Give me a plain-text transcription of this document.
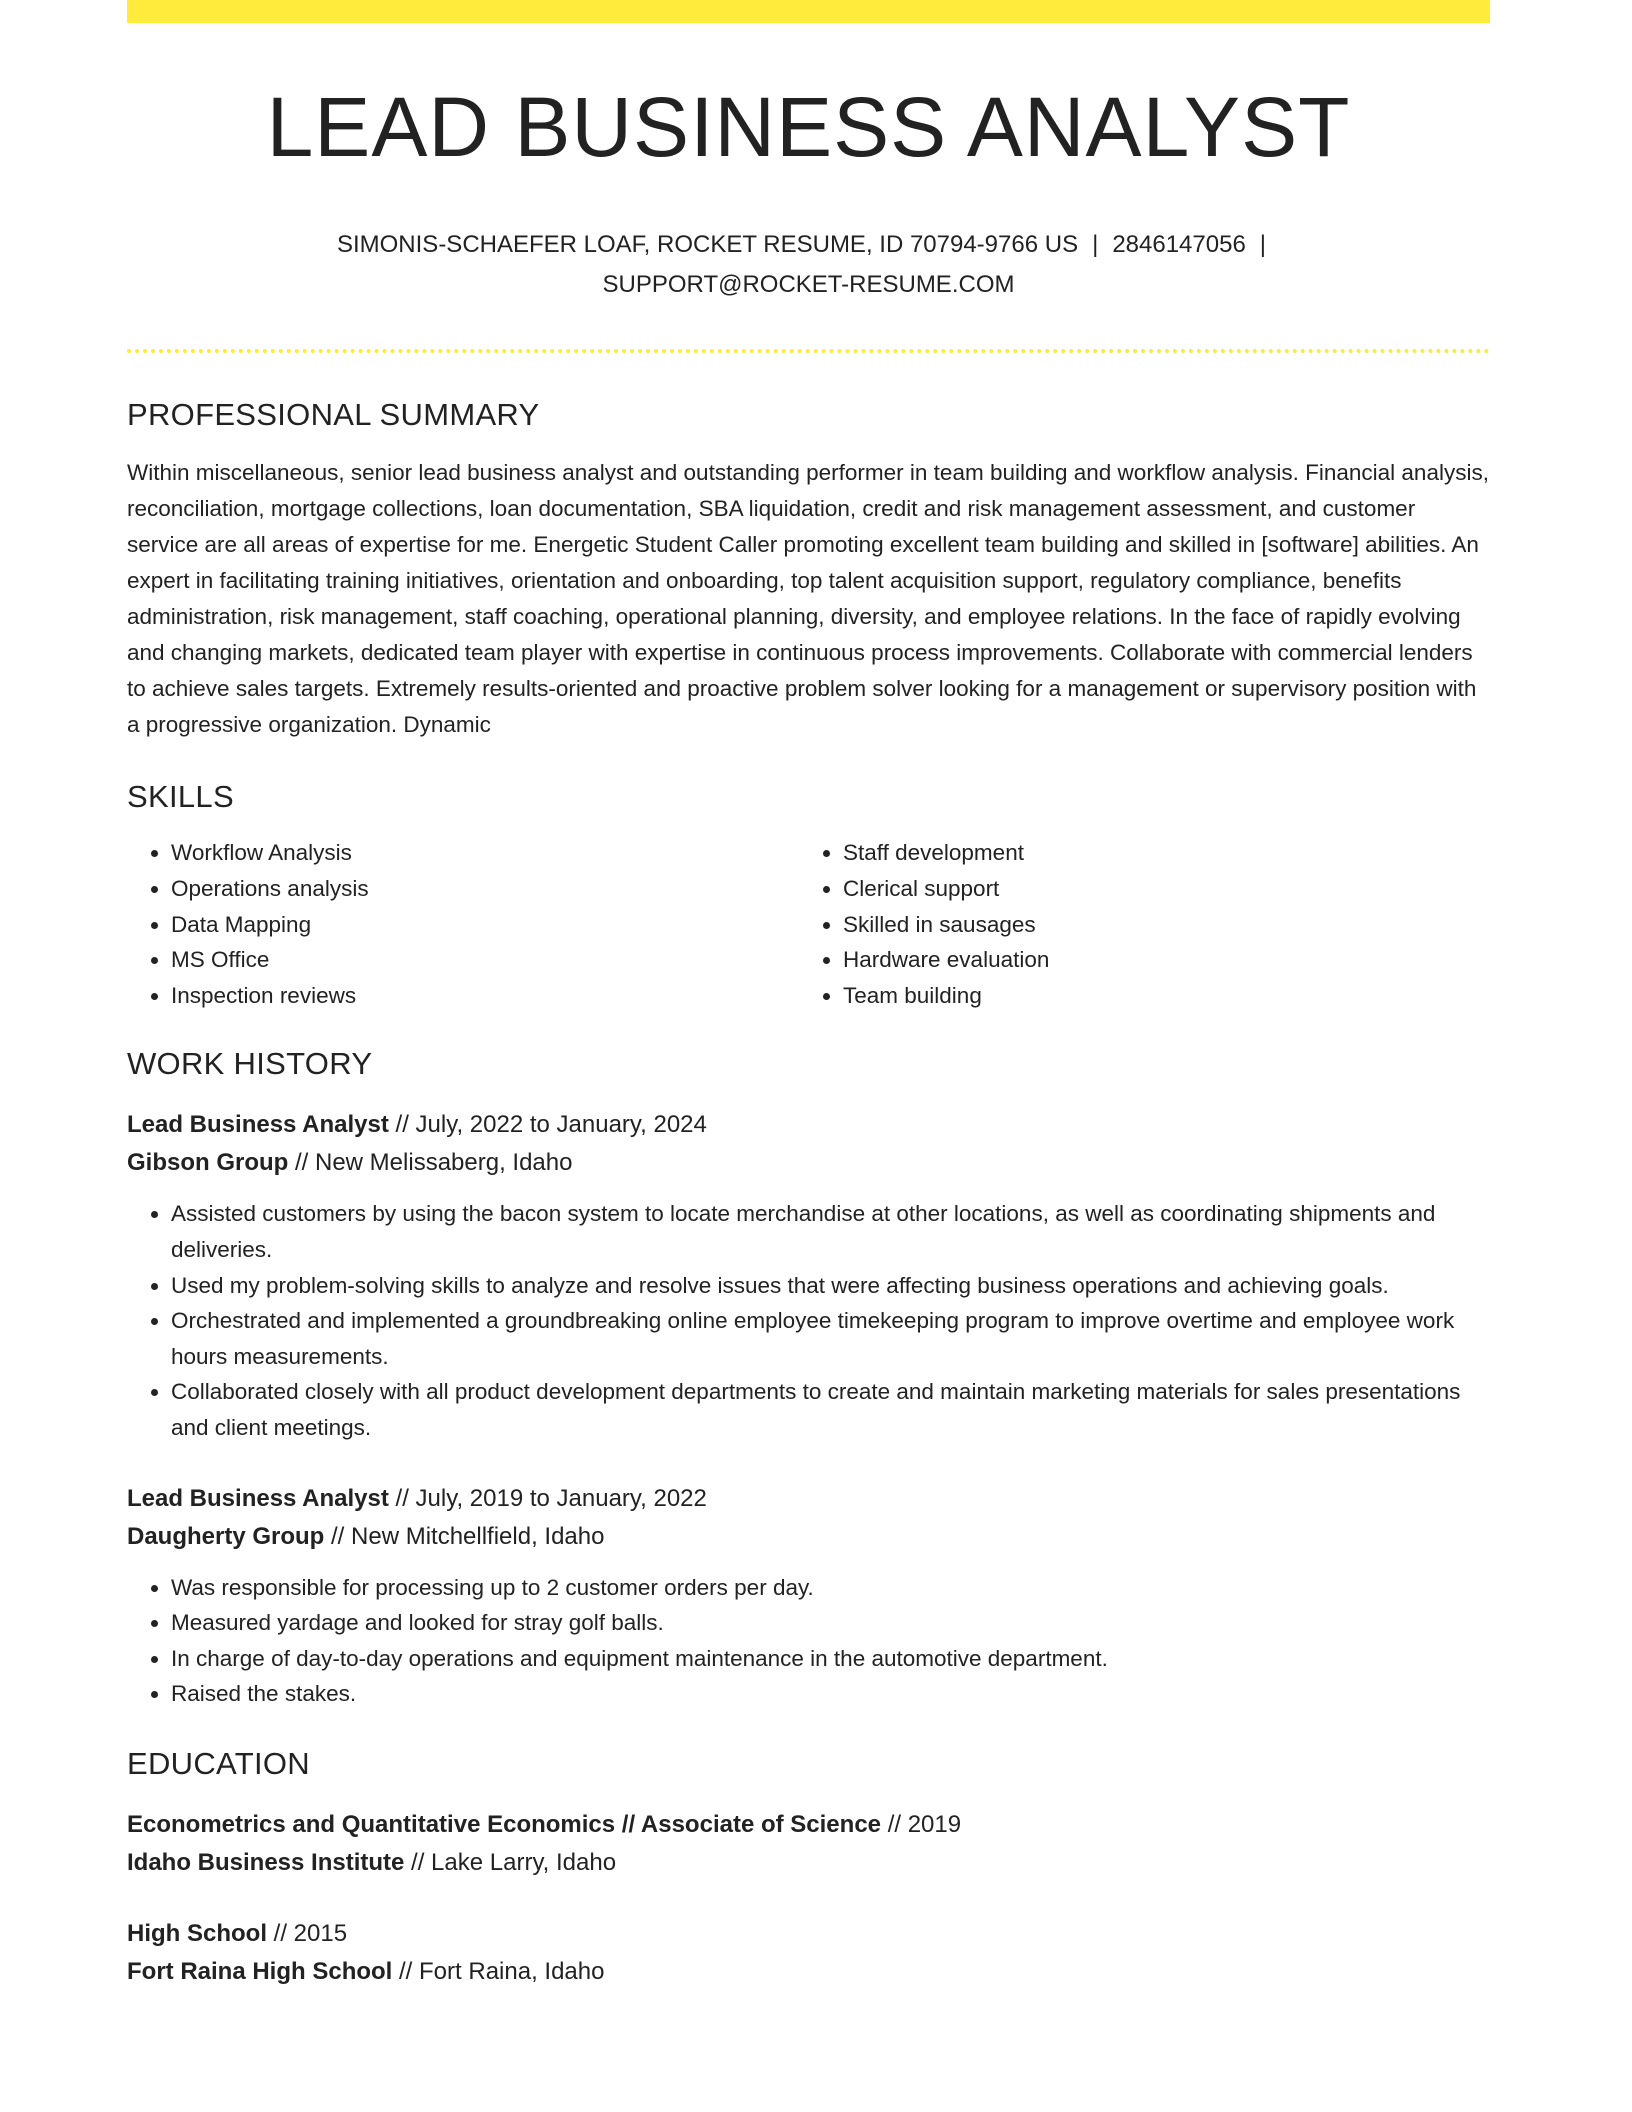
LEAD BUSINESS ANALYST
SIMONIS-SCHAEFER LOAF, ROCKET RESUME, ID 70794-9766 US | 2846147056 |
SUPPORT@ROCKET-RESUME.COM
PROFESSIONAL SUMMARY

Within miscellaneous, senior lead business analyst and outstanding performer in team building and workflow analysis. Financial analysis, reconciliation, mortgage collections, loan documentation, SBA liquidation, credit and risk management assessment, and customer service are all areas of expertise for me. Energetic Student Caller promoting excellent team building and skilled in [software] abilities. An expert in facilitating training initiatives, orientation and onboarding, top talent acquisition support, regulatory compliance, benefits administration, risk management, staff coaching, operational planning, diversity, and employee relations. In the face of rapidly evolving and changing markets, dedicated team player with expertise in continuous process improvements. Collaborate with commercial lenders to achieve sales targets. Extremely results-oriented and proactive problem solver looking for a management or supervisory position with a progressive organization. Dynamic

SKILLS
• Workflow Analysis
• Operations analysis
• Data Mapping
• MS Office
• Inspection reviews
• Staff development
• Clerical support
• Skilled in sausages
• Hardware evaluation
• Team building
WORK HISTORY
Lead Business Analyst // July, 2022 to January, 2024
Gibson Group // New Melissaberg, Idaho
• Assisted customers by using the bacon system to locate merchandise at other locations, as well as coordinating shipments and deliveries.
• Used my problem-solving skills to analyze and resolve issues that were affecting business operations and achieving goals.
• Orchestrated and implemented a groundbreaking online employee timekeeping program to improve overtime and employee work hours measurements.
• Collaborated closely with all product development departments to create and maintain marketing materials for sales presentations and client meetings.
Lead Business Analyst // July, 2019 to January, 2022
Daugherty Group // New Mitchellfield, Idaho
• Was responsible for processing up to 2 customer orders per day.
• Measured yardage and looked for stray golf balls.
• In charge of day-to-day operations and equipment maintenance in the automotive department.
• Raised the stakes.
EDUCATION
Econometrics and Quantitative Economics // Associate of Science // 2019
Idaho Business Institute // Lake Larry, Idaho
High School // 2015
Fort Raina High School // Fort Raina, Idaho
